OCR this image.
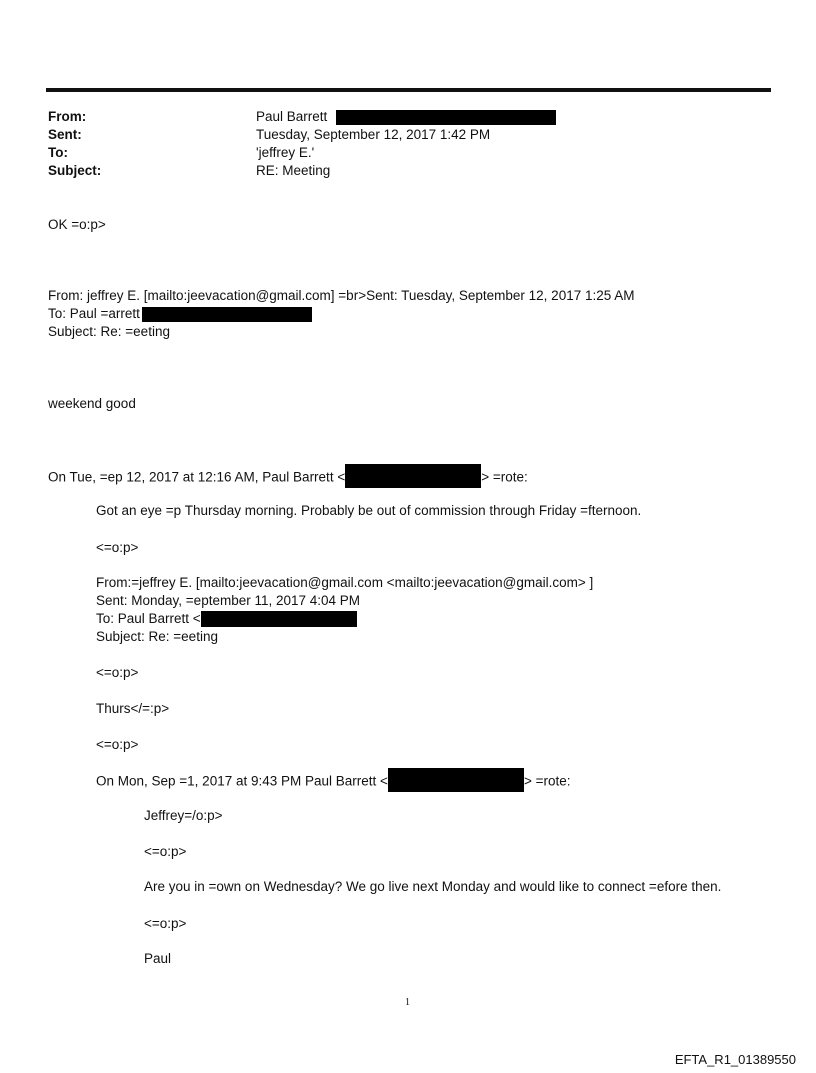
From:
Sent:
To:
Subject:
Paul Barrett
Tuesday, September 12, 2017 1:42 PM
'jeffrey E.'
RE: Meeting
OK =o:p>
From: jeffrey E. [mailto:jeevacation@gmail.com] =br>Sent: Tuesday, September 12, 2017 1:25 AM
To: Paul =arrett
Subject: Re: =eeting
weekend good
On Tue, =ep 12, 2017 at 12:16 AM, Paul Barrett <	> =rote:
Got an eye =p Thursday morning. Probably be out of commission through Friday =fternoon.
<=o:p>
From:=jeffrey E. [mailto:jeevacation@gmail.com <mailto:jeevacation@gmail.com> ]
Sent: Monday, =eptember 11, 2017 4:04 PM
To: Paul Barrett <
Subject: Re: =eeting
<=o:p>
Thurs</=:p>
<=o:p>
On Mon, Sep =1, 2017 at 9:43 PM Paul Barrett <	> =rote:
Jeffrey=/o:p>
<=o:p>
Are you in =own on Wednesday? We go live next Monday and would like to connect =efore then.
<=o:p>
Paul
1
EFTA_R1_01389550
